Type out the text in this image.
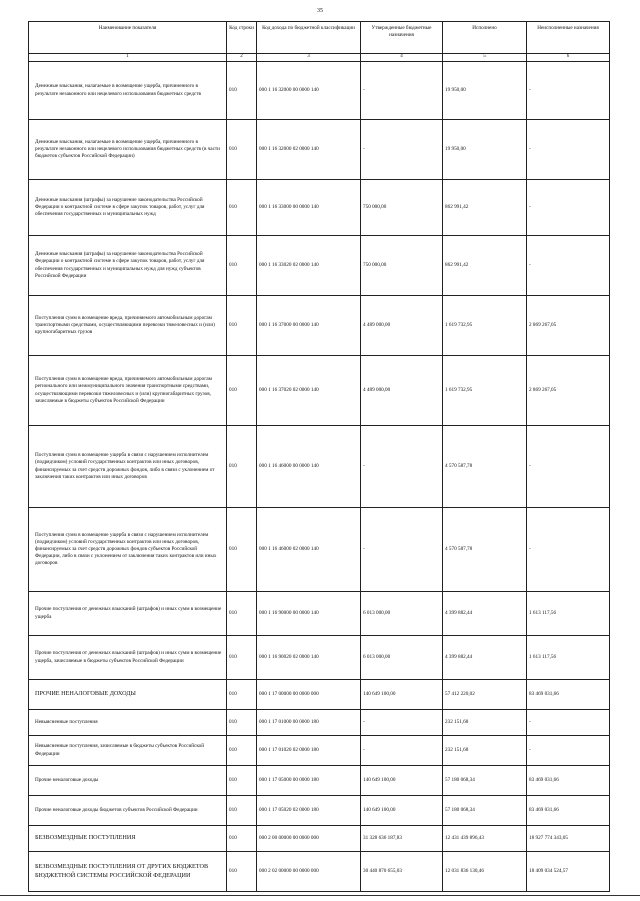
35
Наименование показателя	Код строки	Код дохода по бюджетной классификации	Утвержденные бюджетные назначения	Исполнено	Неисполненные назначения
1	2	3	4	5	6
Денежные взыскания, налагаемые в возмещение ущерба, причиненного в результате незаконного или нецелевого использования бюджетных средств	010	000 1 16 32000 00 0000 140	-	19 950,00	-
Денежные взыскания, налагаемые в возмещение ущерба, причиненного в результате незаконного или нецелевого использования бюджетных средств (в части бюджетов субъектов Российской Федерации)	010	000 1 16 32000 02 0000 140	-	19 950,00	-
Денежные взыскания (штрафы) за нарушение законодательства Российской Федерации о контрактной системе в сфере закупок товаров, работ, услуг для обеспечения государственных и муниципальных нужд	010	000 1 16 33000 00 0000 140	750 000,00	862 991,42	-
Денежные взыскания (штрафы) за нарушение законодательства Российской Федерации о контрактной системе в сфере закупок товаров, работ, услуг для обеспечения государственных и муниципальных нужд для нужд субъектов Российской Федерации	010	000 1 16 33020 02 0000 140	750 000,00	862 991,42	-
Поступления сумм в возмещение вреда, причиняемого автомобильным дорогам транспортными средствами, осуществляющими перевозки тяжеловесных и (или) крупногабаритных грузов	010	000 1 16 37000 00 0000 140	4 489 000,00	1 619 732,95	2 869 267,05
Поступления сумм в возмещение вреда, причиняемого автомобильным дорогам регионального или межмуниципального значения транспортными средствами, осуществляющими перевозки тяжеловесных и (или) крупногабаритных грузов, зачисляемые в бюджеты субъектов Российской Федерации	010	000 1 16 37020 02 0000 140	4 489 000,00	1 619 732,95	2 869 267,05
Поступления сумм в возмещение ущерба в связи с нарушением исполнителем (подрядчиком) условий государственных контрактов или иных договоров, финансируемых за счет средств дорожных фондов, либо в связи с уклонением от заключения таких контрактов или иных договоров	010	000 1 16 46000 00 0000 140	-	4 570 587,78	-
Поступления сумм в возмещение ущерба в связи с нарушением исполнителем (подрядчиком) условий государственных контрактов или иных договоров, финансируемых за счет средств дорожных фондов субъектов Российской Федерации, либо в связи с уклонением от заключения таких контрактов или иных договоров	010	000 1 16 46000 02 0000 140	-	4 570 587,78	-
Прочие поступления от денежных взысканий (штрафов) и иных сумм в возмещение ущерба	010	000 1 16 90000 00 0000 140	6 013 000,00	4 399 882,44	1 613 117,56
Прочие поступления от денежных взысканий (штрафов) и иных сумм в возмещение ущерба, зачисляемые в бюджеты субъектов Российской Федерации	010	000 1 16 90020 02 0000 140	6 013 000,00	4 399 882,44	1 613 117,56
ПРОЧИЕ НЕНАЛОГОВЫЕ ДОХОДЫ	010	000 1 17 00000 00 0000 000	140 649 100,00	57 412 220,02	83 469 031,66
Невыясненные поступления	010	000 1 17 01000 00 0000 180	-	232 151,68	-
Невыясненные поступления, зачисляемые в бюджеты субъектов Российской Федерации	010	000 1 17 01020 02 0000 180	-	232 151,68	-
Прочие неналоговые доходы	010	000 1 17 05000 00 0000 180	140 649 100,00	57 180 068,34	83 469 031,66
Прочие неналоговые доходы бюджетов субъектов Российской Федерации	010	000 1 17 05020 02 0000 180	140 649 100,00	57 180 068,34	83 469 031,66
БЕЗВОЗМЕЗДНЫЕ ПОСТУПЛЕНИЯ	010	000 2 00 00000 00 0000 000	31 328 636 187,83	12 431 439 896,43	18 927 774 343,05
БЕЗВОЗМЕЗДНЫЕ ПОСТУПЛЕНИЯ ОТ ДРУГИХ БЮДЖЕТОВ БЮДЖЕТНОЙ СИСТЕМЫ РОССИЙСКОЙ ФЕДЕРАЦИИ	010	000 2 02 00000 00 0000 000	30 440 870 655,03	12 031 836 130,46	18 409 034 524,57
